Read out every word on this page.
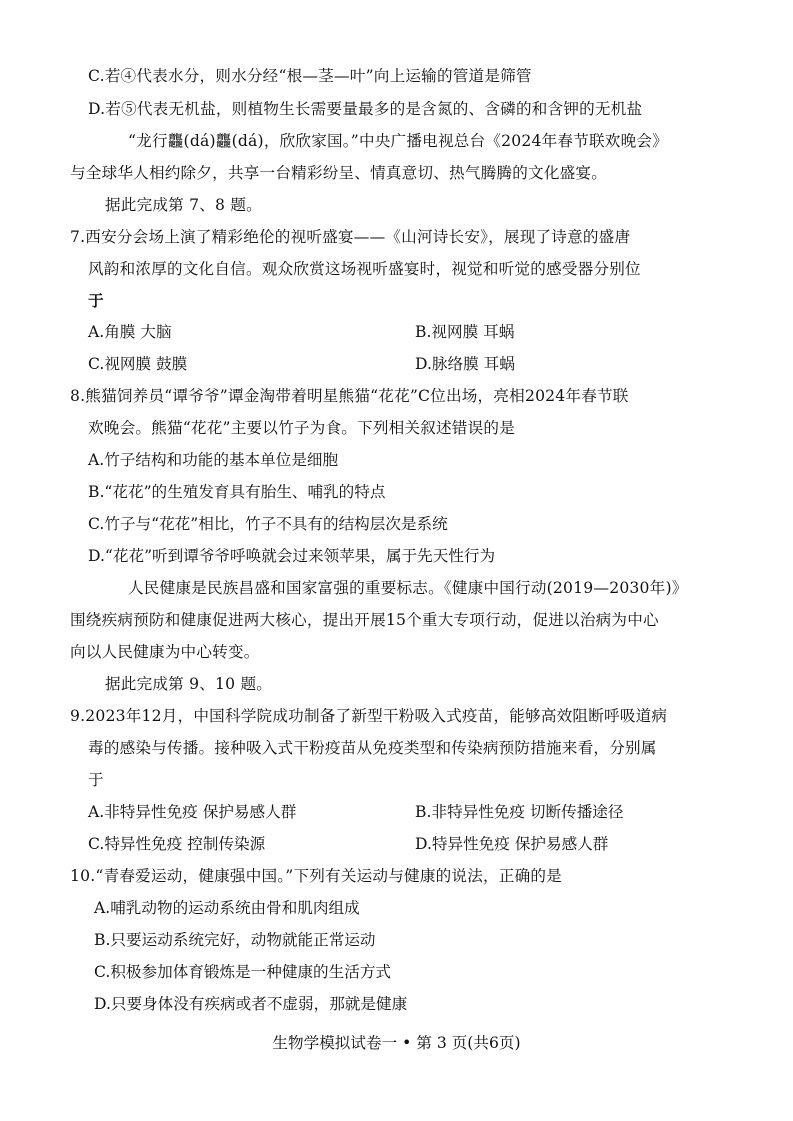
C.若④代表水分，则水分经“根—茎—叶”向上运输的管道是筛管
D.若⑤代表无机盐，则植物生长需要量最多的是含氮的、含磷的和含钾的无机盐
“龙行龘(dá)龘(dá)，欣欣家国。”中央广播电视总台《2024年春节联欢晚会》
与全球华人相约除夕，共享一台精彩纷呈、情真意切、热气腾腾的文化盛宴。
据此完成第 7、8 题。
7.西安分会场上演了精彩绝伦的视听盛宴——《山河诗长安》，展现了诗意的盛唐
风韵和浓厚的文化自信。观众欣赏这场视听盛宴时，视觉和听觉的感受器分别位
于
A.角膜 大脑	B.视网膜 耳蜗
C.视网膜 鼓膜	D.脉络膜 耳蜗
8.熊猫饲养员“谭爷爷”谭金淘带着明星熊猫“花花”C位出场，亮相2024年春节联
欢晚会。熊猫“花花”主要以竹子为食。下列相关叙述错误的是
A.竹子结构和功能的基本单位是细胞
B.“花花”的生殖发育具有胎生、哺乳的特点
C.竹子与“花花”相比，竹子不具有的结构层次是系统
D.“花花”听到谭爷爷呼唤就会过来领苹果，属于先天性行为
人民健康是民族昌盛和国家富强的重要标志。《健康中国行动(2019—2030年)》
围绕疾病预防和健康促进两大核心，提出开展15个重大专项行动，促进以治病为中心
向以人民健康为中心转变。
据此完成第 9、10 题。
9.2023年12月，中国科学院成功制备了新型干粉吸入式疫苗，能够高效阻断呼吸道病
毒的感染与传播。接种吸入式干粉疫苗从免疫类型和传染病预防措施来看，分别属
于
A.非特异性免疫 保护易感人群	B.非特异性免疫 切断传播途径
C.特异性免疫 控制传染源	D.特异性免疫 保护易感人群
10.“青春爱运动，健康强中国。”下列有关运动与健康的说法，正确的是
A.哺乳动物的运动系统由骨和肌肉组成
B.只要运动系统完好，动物就能正常运动
C.积极参加体育锻炼是一种健康的生活方式
D.只要身体没有疾病或者不虚弱，那就是健康
生物学模拟试卷一 • 第 3 页(共6页)
